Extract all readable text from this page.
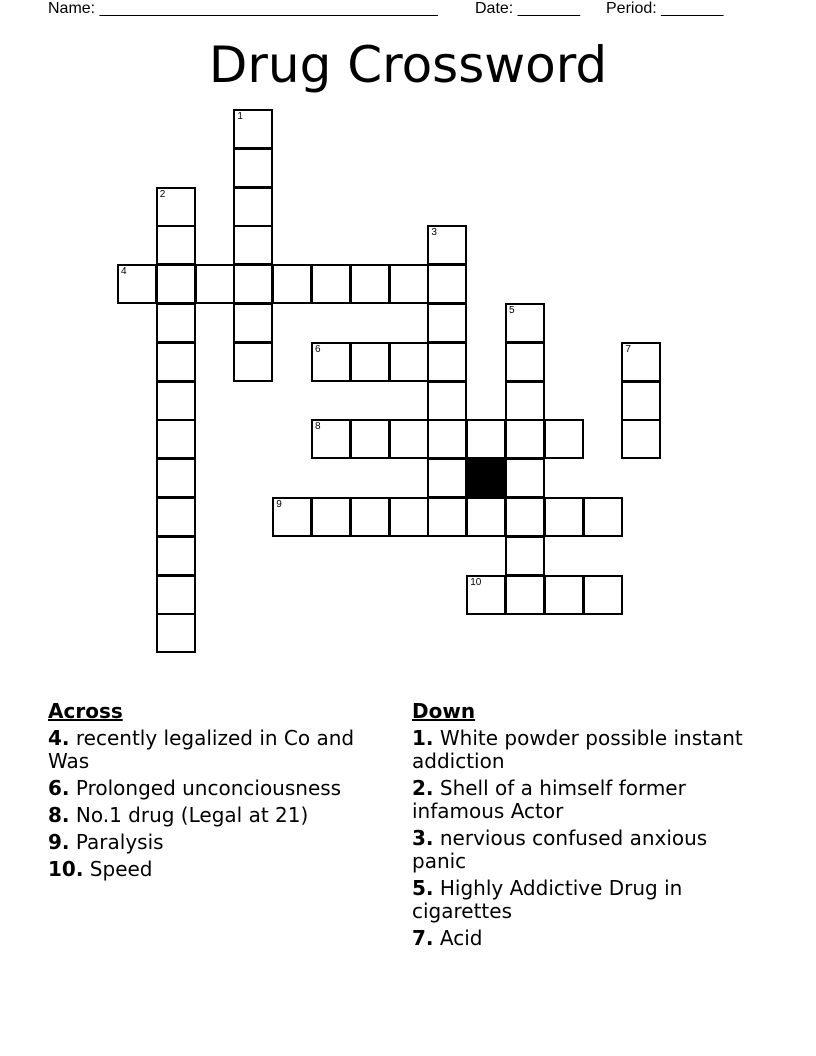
Name: ______________________________________

Date: _______

Period: _______

Drug Crossword
1
2
3
4
5
6	7
8
9
10
Across
4. recently legalized in Co and Was
6. Prolonged unconciousness
8. No.1 drug (Legal at 21)
9. Paralysis
10. Speed
Down
1. White powder possible instant addiction
2. Shell of a himself former infamous Actor
3. nervious confused anxious panic
5. Highly Addictive Drug in cigarettes
7. Acid
